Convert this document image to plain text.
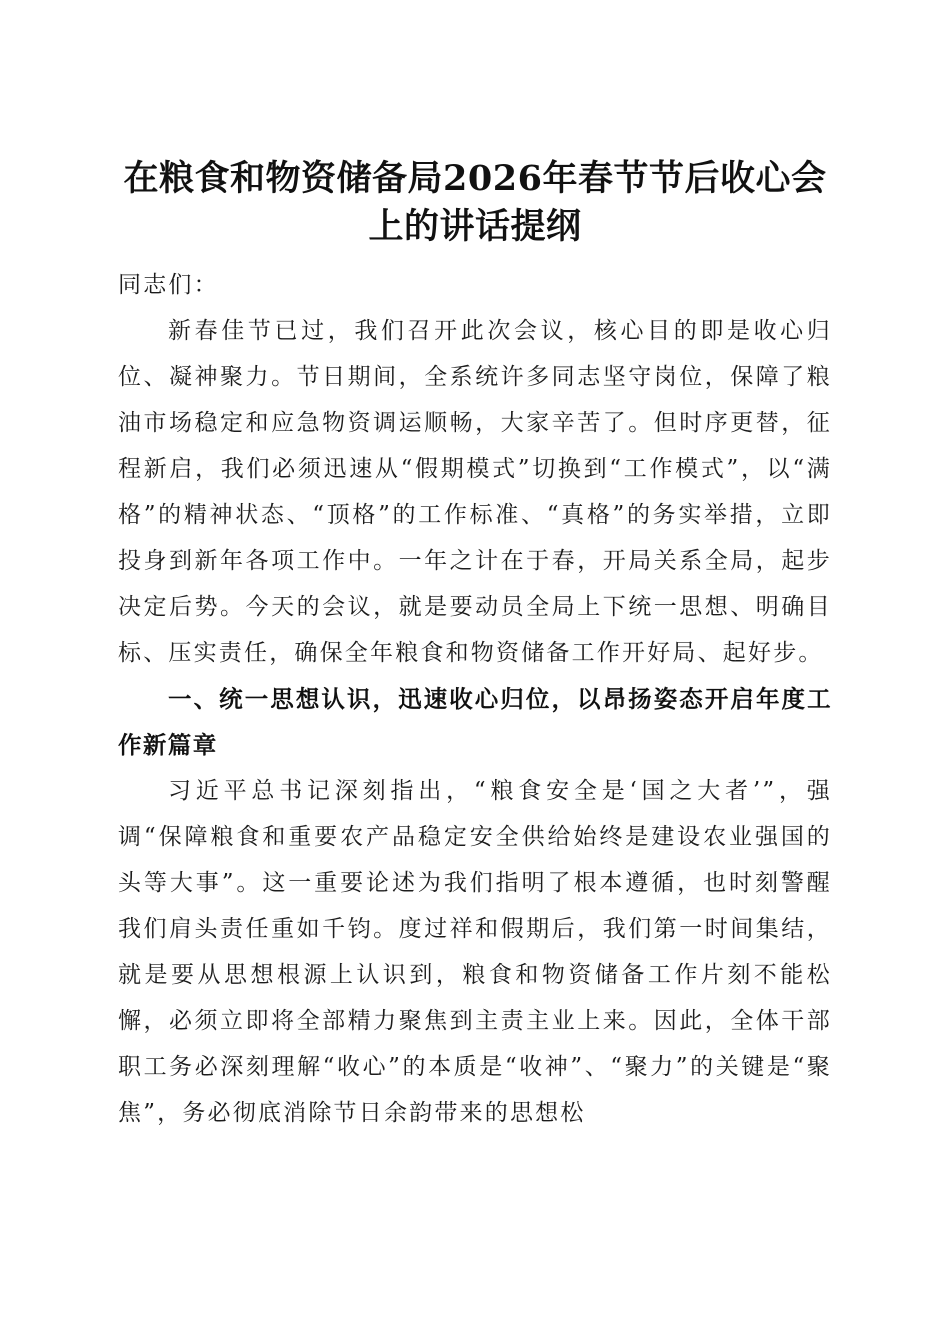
在粮食和物资储备局2026年春节节后收心会
上的讲话提纲

同志们：

新春佳节已过，我们召开此次会议，核心目的即是收心归位、凝神聚力。节日期间，全系统许多同志坚守岗位，保障了粮油市场稳定和应急物资调运顺畅，大家辛苦了。但时序更替，征程新启，我们必须迅速从“假期模式”切换到“工作模式”，以“满格”的精神状态、“顶格”的工作标准、“真格”的务实举措，立即投身到新年各项工作中。一年之计在于春，开局关系全局，起步决定后势。今天的会议，就是要动员全局上下统一思想、明确目标、压实责任，确保全年粮食和物资储备工作开好局、起好步。

一、统一思想认识，迅速收心归位，以昂扬姿态开启年度工作新篇章

习近平总书记深刻指出，“粮食安全是‘国之大者’”，强调“保障粮食和重要农产品稳定安全供给始终是建设农业强国的头等大事”。这一重要论述为我们指明了根本遵循，也时刻警醒我们肩头责任重如千钧。度过祥和假期后，我们第一时间集结，就是要从思想根源上认识到，粮食和物资储备工作片刻不能松懈，必须立即将全部精力聚焦到主责主业上来。因此，全体干部职工务必深刻理解“收心”的本质是“收神”、“聚力”的关键是“聚焦”，务必彻底消除节日余韵带来的思想松
